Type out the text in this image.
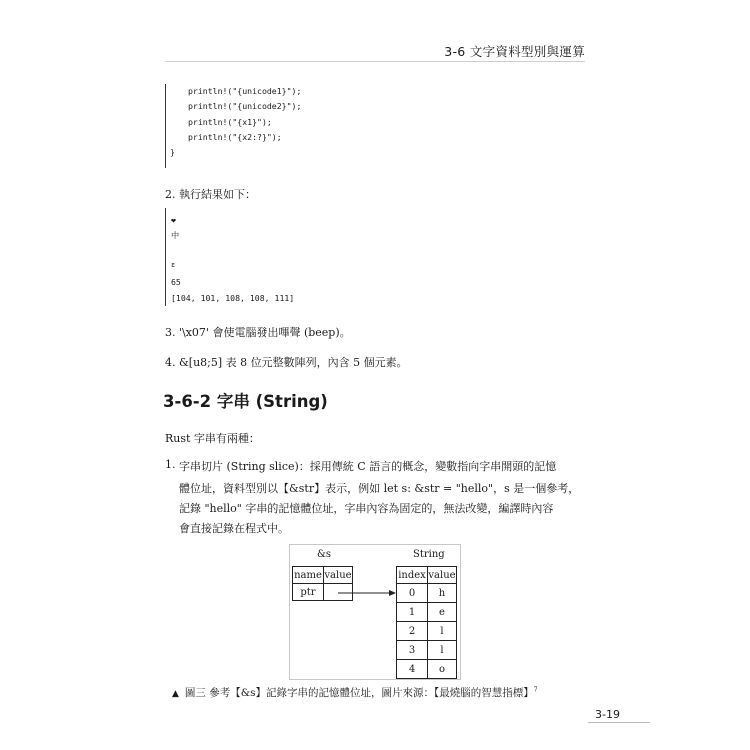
3-6 文字資料型別與運算
println!("{unicode1}");
println!("{unicode2}");
println!("{x1}");
println!("{x2:?}");
}
2. 執行結果如下：
❤
中
ε
65
[104, 101, 108, 108, 111]
3. '\x07' 會使電腦發出嗶聲 (beep)。
4. &[u8;5] 表 8 位元整數陣列，內含 5 個元素。
3-6-2 字串 (String)
Rust 字串有兩種：
1. 字串切片 (String slice)：採用傳統 C 語言的概念，變數指向字串開頭的記憶
體位址，資料型別以【&str】表示，例如 let s: &str = "hello"，s 是一個參考，
記錄 "hello" 字串的記憶體位址，字串內容為固定的，無法改變，編譯時內容
會直接記錄在程式中。
&s	String
name value
ptr
index value
0	h
1	e
2	l
3	l
4	o
▲ 圖三 參考【&s】記錄字串的記憶體位址，圖片來源：【最燒腦的智慧指標】$^7$
3-19
